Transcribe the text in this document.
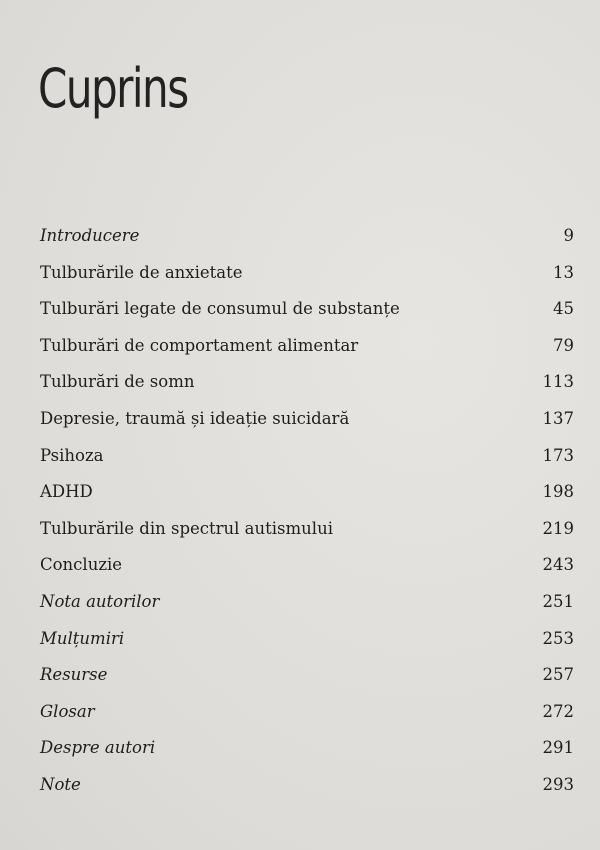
Cuprins
Introducere	9
Tulburările de anxietate	13
Tulburări legate de consumul de substanțe	45
Tulburări de comportament alimentar	79
Tulburări de somn	113
Depresie, traumă și ideație suicidară	137
Psihoza	173
ADHD	198
Tulburările din spectrul autismului	219
Concluzie	243
Nota autorilor	251
Mulțumiri	253
Resurse	257
Glosar	272
Despre autori	291
Note	293
